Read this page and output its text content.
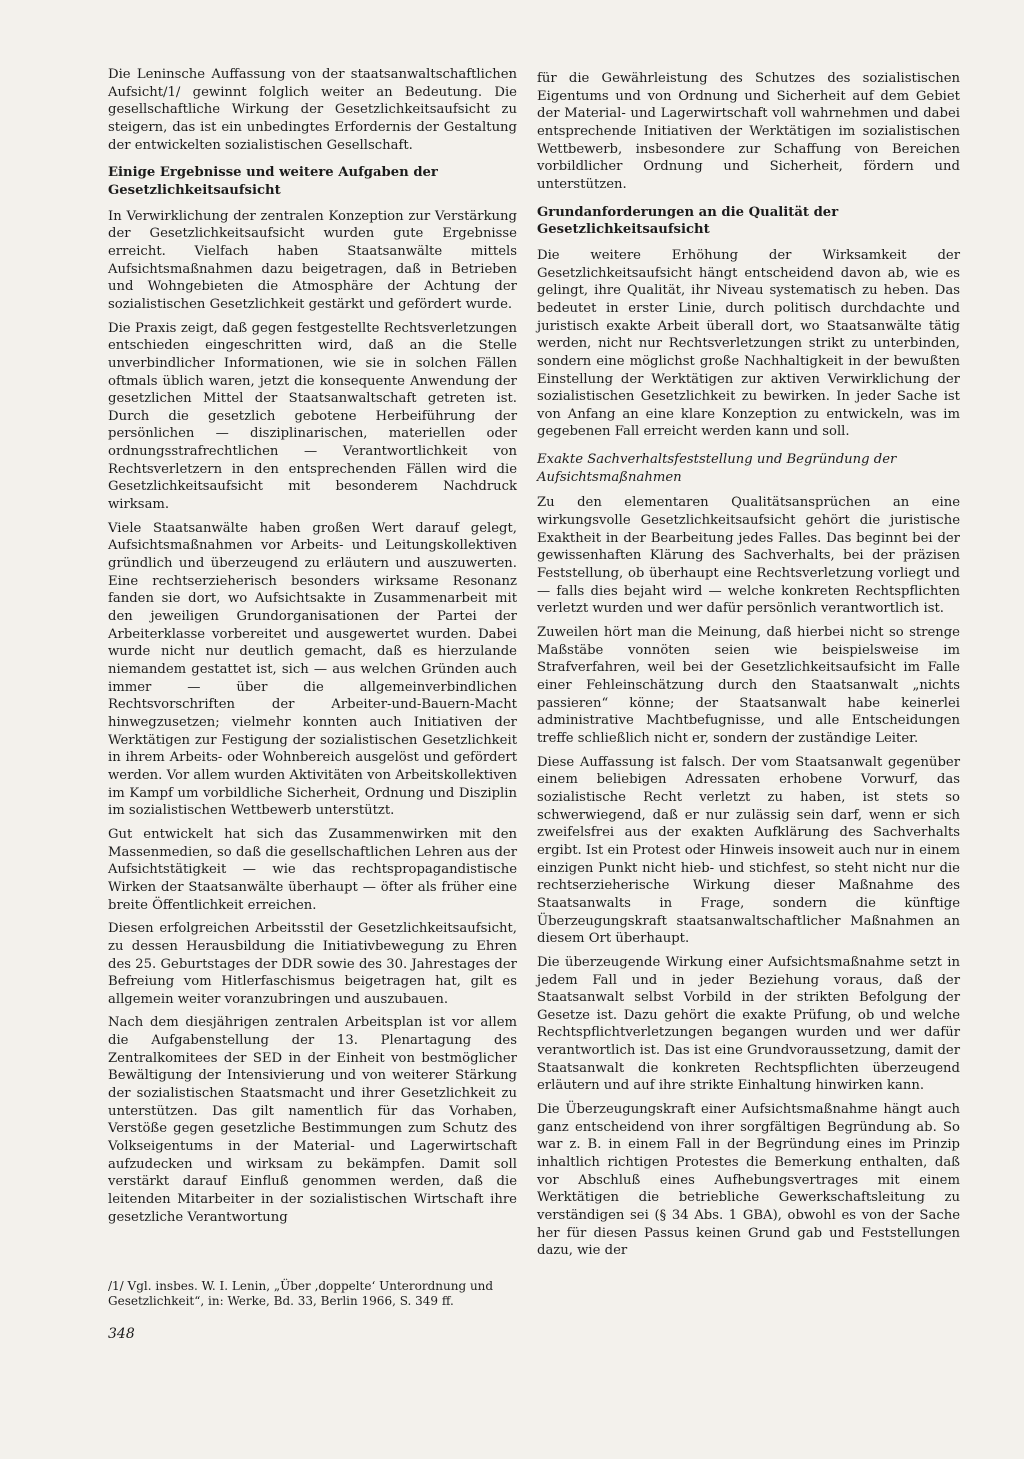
Die Leninsche Auffassung von der staatsanwaltschaftlichen Aufsicht/1/ gewinnt folglich weiter an Bedeutung. Die gesellschaftliche Wirkung der Gesetzlichkeitsaufsicht zu steigern, das ist ein unbedingtes Erfordernis der Gestaltung der entwickelten sozialistischen Gesellschaft.

Einige Ergebnisse und weitere Aufgaben der Gesetzlichkeitsaufsicht

In Verwirklichung der zentralen Konzeption zur Verstärkung der Gesetzlichkeitsaufsicht wurden gute Ergebnisse erreicht. Vielfach haben Staatsanwälte mittels Aufsichtsmaßnahmen dazu beigetragen, daß in Betrieben und Wohngebieten die Atmosphäre der Achtung der sozialistischen Gesetzlichkeit gestärkt und gefördert wurde.

Die Praxis zeigt, daß gegen festgestellte Rechtsverletzungen entschieden eingeschritten wird, daß an die Stelle unverbindlicher Informationen, wie sie in solchen Fällen oftmals üblich waren, jetzt die konsequente Anwendung der gesetzlichen Mittel der Staatsanwaltschaft getreten ist. Durch die gesetzlich gebotene Herbeiführung der persönlichen — disziplinarischen, materiellen oder ordnungsstrafrechtlichen — Verantwortlichkeit von Rechtsverletzern in den entsprechenden Fällen wird die Gesetzlichkeitsaufsicht mit besonderem Nachdruck wirksam.

Viele Staatsanwälte haben großen Wert darauf gelegt, Aufsichtsmaßnahmen vor Arbeits- und Leitungskollektiven gründlich und überzeugend zu erläutern und auszuwerten. Eine rechtserzieherisch besonders wirksame Resonanz fanden sie dort, wo Aufsichtsakte in Zusammenarbeit mit den jeweiligen Grundorganisationen der Partei der Arbeiterklasse vorbereitet und ausgewertet wurden. Dabei wurde nicht nur deutlich gemacht, daß es hierzulande niemandem gestattet ist, sich — aus welchen Gründen auch immer — über die allgemeinverbindlichen Rechtsvorschriften der Arbeiter-und-Bauern-Macht hinwegzusetzen; vielmehr konnten auch Initiativen der Werktätigen zur Festigung der sozialistischen Gesetzlichkeit in ihrem Arbeits- oder Wohnbereich ausgelöst und gefördert werden. Vor allem wurden Aktivitäten von Arbeitskollektiven im Kampf um vorbildliche Sicherheit, Ordnung und Disziplin im sozialistischen Wettbewerb unterstützt.

Gut entwickelt hat sich das Zusammenwirken mit den Massenmedien, so daß die gesellschaftlichen Lehren aus der Aufsichtstätigkeit — wie das rechtspropagandistische Wirken der Staatsanwälte überhaupt — öfter als früher eine breite Öffentlichkeit erreichen.

Diesen erfolgreichen Arbeitsstil der Gesetzlichkeitsaufsicht, zu dessen Herausbildung die Initiativbewegung zu Ehren des 25. Geburtstages der DDR sowie des 30. Jahrestages der Befreiung vom Hitlerfaschismus beigetragen hat, gilt es allgemein weiter voranzubringen und auszubauen.

Nach dem diesjährigen zentralen Arbeitsplan ist vor allem die Aufgabenstellung der 13. Plenartagung des Zentralkomitees der SED in der Einheit von bestmöglicher Bewältigung der Intensivierung und von weiterer Stärkung der sozialistischen Staatsmacht und ihrer Gesetzlichkeit zu unterstützen. Das gilt namentlich für das Vorhaben, Verstöße gegen gesetzliche Bestimmungen zum Schutz des Volkseigentums in der Material- und Lagerwirtschaft aufzudecken und wirksam zu bekämpfen. Damit soll verstärkt darauf Einfluß genommen werden, daß die leitenden Mitarbeiter in der sozialistischen Wirtschaft ihre gesetzliche Verantwortung

/1/ Vgl. insbes. W. I. Lenin, „Über ‚doppelte‘ Unterordnung und Gesetzlichkeit“, in: Werke, Bd. 33, Berlin 1966, S. 349 ff.
348

für die Gewährleistung des Schutzes des sozialistischen Eigentums und von Ordnung und Sicherheit auf dem Gebiet der Material- und Lagerwirtschaft voll wahrnehmen und dabei entsprechende Initiativen der Werktätigen im sozialistischen Wettbewerb, insbesondere zur Schaffung von Bereichen vorbildlicher Ordnung und Sicherheit, fördern und unterstützen.

Grundanforderungen an die Qualität der Gesetzlichkeitsaufsicht

Die weitere Erhöhung der Wirksamkeit der Gesetzlichkeitsaufsicht hängt entscheidend davon ab, wie es gelingt, ihre Qualität, ihr Niveau systematisch zu heben. Das bedeutet in erster Linie, durch politisch durchdachte und juristisch exakte Arbeit überall dort, wo Staatsanwälte tätig werden, nicht nur Rechtsverletzungen strikt zu unterbinden, sondern eine möglichst große Nachhaltigkeit in der bewußten Einstellung der Werktätigen zur aktiven Verwirklichung der sozialistischen Gesetzlichkeit zu bewirken. In jeder Sache ist von Anfang an eine klare Konzeption zu entwickeln, was im gegebenen Fall erreicht werden kann und soll.

Exakte Sachverhaltsfeststellung und Begründung der Aufsichtsmaßnahmen

Zu den elementaren Qualitätsansprüchen an eine wirkungsvolle Gesetzlichkeitsaufsicht gehört die juristische Exaktheit in der Bearbeitung jedes Falles. Das beginnt bei der gewissenhaften Klärung des Sachverhalts, bei der präzisen Feststellung, ob überhaupt eine Rechtsverletzung vorliegt und — falls dies bejaht wird — welche konkreten Rechtspflichten verletzt wurden und wer dafür persönlich verantwortlich ist.

Zuweilen hört man die Meinung, daß hierbei nicht so strenge Maßstäbe vonnöten seien wie beispielsweise im Strafverfahren, weil bei der Gesetzlichkeitsaufsicht im Falle einer Fehleinschätzung durch den Staatsanwalt „nichts passieren“ könne; der Staatsanwalt habe keinerlei administrative Machtbefugnisse, und alle Entscheidungen treffe schließlich nicht er, sondern der zuständige Leiter.

Diese Auffassung ist falsch. Der vom Staatsanwalt gegenüber einem beliebigen Adressaten erhobene Vorwurf, das sozialistische Recht verletzt zu haben, ist stets so schwerwiegend, daß er nur zulässig sein darf, wenn er sich zweifelsfrei aus der exakten Aufklärung des Sachverhalts ergibt. Ist ein Protest oder Hinweis insoweit auch nur in einem einzigen Punkt nicht hieb- und stichfest, so steht nicht nur die rechtserzieherische Wirkung dieser Maßnahme des Staatsanwalts in Frage, sondern die künftige Überzeugungskraft staatsanwaltschaftlicher Maßnahmen an diesem Ort überhaupt.

Die überzeugende Wirkung einer Aufsichtsmaßnahme setzt in jedem Fall und in jeder Beziehung voraus, daß der Staatsanwalt selbst Vorbild in der strikten Befolgung der Gesetze ist. Dazu gehört die exakte Prüfung, ob und welche Rechtspflichtverletzungen begangen wurden und wer dafür verantwortlich ist. Das ist eine Grundvoraussetzung, damit der Staatsanwalt die konkreten Rechtspflichten überzeugend erläutern und auf ihre strikte Einhaltung hinwirken kann.

Die Überzeugungskraft einer Aufsichtsmaßnahme hängt auch ganz entscheidend von ihrer sorgfältigen Begründung ab. So war z. B. in einem Fall in der Begründung eines im Prinzip inhaltlich richtigen Protestes die Bemerkung enthalten, daß vor Abschluß eines Aufhebungsvertrages mit einem Werktätigen die betriebliche Gewerkschaftsleitung zu verständigen sei (§ 34 Abs. 1 GBA), obwohl es von der Sache her für diesen Passus keinen Grund gab und Feststellungen dazu, wie der
